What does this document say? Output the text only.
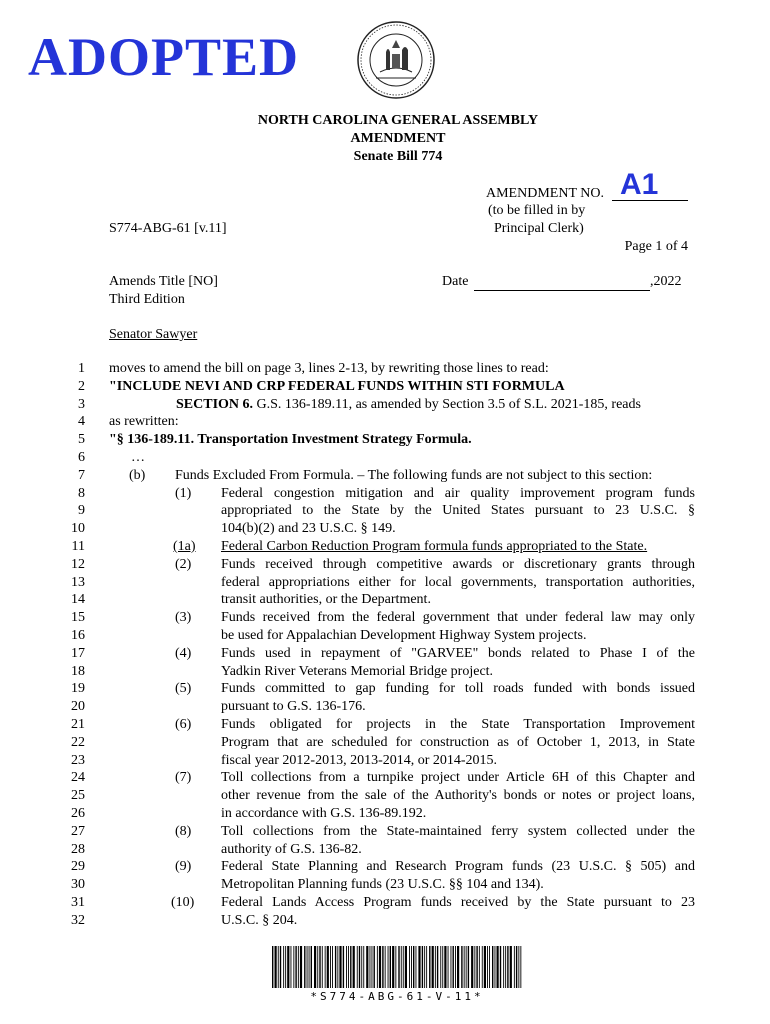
ADOPTED
NORTH CAROLINA GENERAL ASSEMBLY
AMENDMENT
Senate Bill 774
AMENDMENT NO. A1
(to be filled in by
Principal Clerk)
S774-ABG-61 [v.11]
Page 1 of 4
Amends Title [NO]
Third Edition
Date	,2022
Senator Sawyer
1 moves to amend the bill on page 3, lines 2-13, by rewriting those lines to read:
2 "INCLUDE NEVI AND CRP FEDERAL FUNDS WITHIN STI FORMULA
3	SECTION 6. G.S. 136-189.11, as amended by Section 3.5 of S.L. 2021-185, reads
4 as rewritten:
5 "§ 136-189.11. Transportation Investment Strategy Formula.
6	…
7	(b)	Funds Excluded From Formula. – The following funds are not subject to this section:
8	(1)	Federal congestion mitigation and air quality improvement program funds
9	appropriated to the State by the United States pursuant to 23 U.S.C. §
10	104(b)(2) and 23 U.S.C. § 149.
11	(1a)	Federal Carbon Reduction Program formula funds appropriated to the State.
12	(2)	Funds received through competitive awards or discretionary grants through
13	federal appropriations either for local governments, transportation authorities,
14	transit authorities, or the Department.
15	(3)	Funds received from the federal government that under federal law may only
16	be used for Appalachian Development Highway System projects.
17	(4)	Funds used in repayment of "GARVEE" bonds related to Phase I of the
18	Yadkin River Veterans Memorial Bridge project.
19	(5)	Funds committed to gap funding for toll roads funded with bonds issued
20	pursuant to G.S. 136-176.
21	(6)	Funds obligated for projects in the State Transportation Improvement
22	Program that are scheduled for construction as of October 1, 2013, in State
23	fiscal year 2012-2013, 2013-2014, or 2014-2015.
24	(7)	Toll collections from a turnpike project under Article 6H of this Chapter and
25	other revenue from the sale of the Authority's bonds or notes or project loans,
26	in accordance with G.S. 136-89.192.
27	(8)	Toll collections from the State-maintained ferry system collected under the
28	authority of G.S. 136-82.
29	(9)	Federal State Planning and Research Program funds (23 U.S.C. § 505) and
30	Metropolitan Planning funds (23 U.S.C. §§ 104 and 134).
31	(10)	Federal Lands Access Program funds received by the State pursuant to 23
32	U.S.C. § 204.
*S774-ABG-61-V-11*
